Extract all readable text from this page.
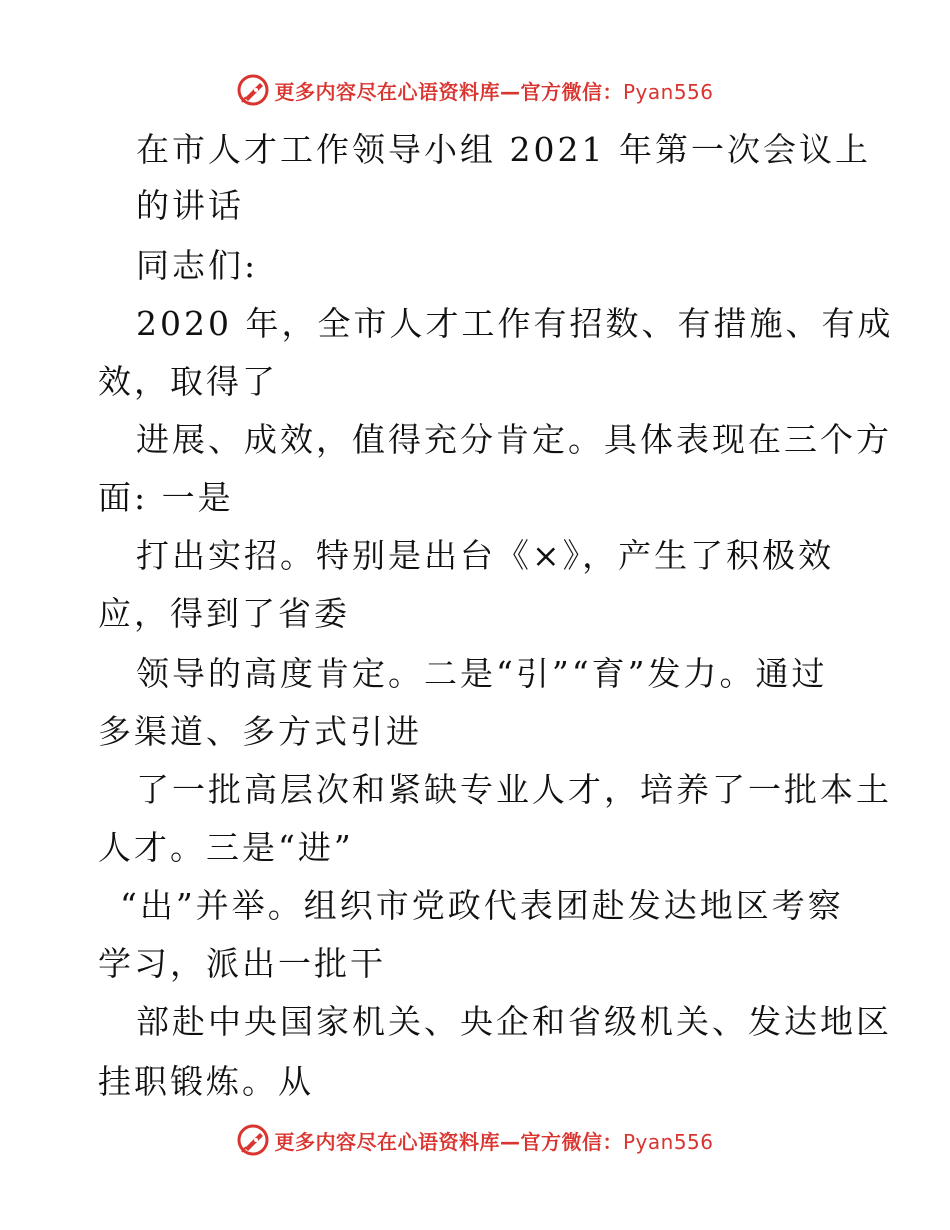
更多内容尽在心语资料库—官方微信：Pyan556
在市人才工作领导小组 2021 年第一次会议上
的讲话
同志们:
2020 年，全市人才工作有招数、有措施、有成
效，取得了
进展、成效，值得充分肯定。具体表现在三个方
面: 一是
打出实招。特别是出台《×》，产生了积极效
应，得到了省委
领导的高度肯定。二是“引”“育”发力。通过
多渠道、多方式引进
了一批高层次和紧缺专业人才，培养了一批本土
人才。三是“进”
“出”并举。组织市党政代表团赴发达地区考察
学习，派出一批干
部赴中央国家机关、央企和省级机关、发达地区
挂职锻炼。从
更多内容尽在心语资料库—官方微信：Pyan556
